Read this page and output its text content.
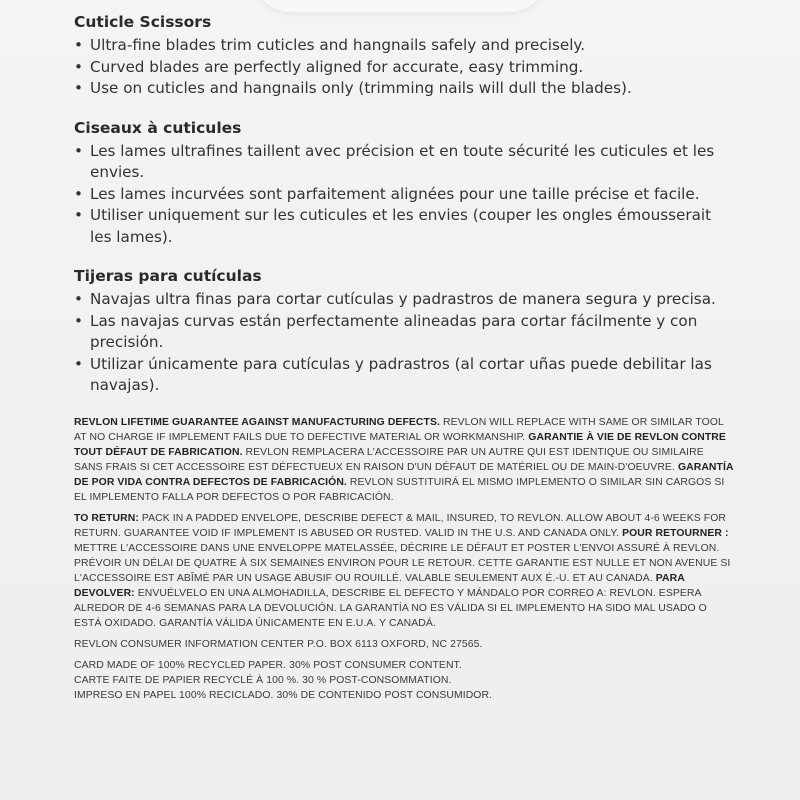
Cuticle Scissors
• Ultra-fine blades trim cuticles and hangnails safely and precisely.
• Curved blades are perfectly aligned for accurate, easy trimming.
• Use on cuticles and hangnails only (trimming nails will dull the blades).
Ciseaux à cuticules
• Les lames ultrafines taillent avec précision et en toute sécurité les cuticules et les envies.
• Les lames incurvées sont parfaitement alignées pour une taille précise et facile.
• Utiliser uniquement sur les cuticules et les envies (couper les ongles émousserait les lames).
Tijeras para cutículas
• Navajas ultra finas para cortar cutículas y padrastros de manera segura y precisa.
• Las navajas curvas están perfectamente alineadas para cortar fácilmente y con precisión.
• Utilizar únicamente para cutículas y padrastros (al cortar uñas puede debilitar las navajas).

REVLON LIFETIME GUARANTEE AGAINST MANUFACTURING DEFECTS. REVLON WILL REPLACE WITH SAME OR SIMILAR TOOL AT NO CHARGE IF IMPLEMENT FAILS DUE TO DEFECTIVE MATERIAL OR WORKMANSHIP. GARANTIE À VIE DE REVLON CONTRE TOUT DÉFAUT DE FABRICATION. REVLON REMPLACERA L'ACCESSOIRE PAR UN AUTRE QUI EST IDENTIQUE OU SIMILAIRE SANS FRAIS SI CET ACCESSOIRE EST DÉFECTUEUX EN RAISON D'UN DÉFAUT DE MATÉRIEL OU DE MAIN-D'OEUVRE. GARANTÍA DE POR VIDA CONTRA DEFECTOS DE FABRICACIÓN. REVLON SUSTITUIRÁ EL MISMO IMPLEMENTO O SIMILAR SIN CARGOS SI EL IMPLEMENTO FALLA POR DEFECTOS O POR FABRICACIÓN.

TO RETURN: PACK IN A PADDED ENVELOPE, DESCRIBE DEFECT & MAIL, INSURED, TO REVLON. ALLOW ABOUT 4-6 WEEKS FOR RETURN. GUARANTEE VOID IF IMPLEMENT IS ABUSED OR RUSTED. VALID IN THE U.S. AND CANADA ONLY. POUR RETOURNER : METTRE L'ACCESSOIRE DANS UNE ENVELOPPE MATELASSÉE, DÉCRIRE LE DÉFAUT ET POSTER L'ENVOI ASSURÉ À REVLON. PRÉVOIR UN DÉLAI DE QUATRE À SIX SEMAINES ENVIRON POUR LE RETOUR. CETTE GARANTIE EST NULLE ET NON AVENUE SI L'ACCESSOIRE EST ABÎMÉ PAR UN USAGE ABUSIF OU ROUILLÉ. VALABLE SEULEMENT AUX É.-U. ET AU CANADA. PARA DEVOLVER: ENVUÉLVELO EN UNA ALMOHADILLA, DESCRIBE EL DEFECTO Y MÁNDALO POR CORREO A: REVLON. ESPERA ALREDOR DE 4-6 SEMANAS PARA LA DEVOLUCIÓN. LA GARANTÍA NO ES VÁLIDA SI EL IMPLEMENTO HA SIDO MAL USADO O ESTÁ OXIDADO. GARANTÍA VÁLIDA ÚNICAMENTE EN E.U.A. Y CANADÁ.

REVLON CONSUMER INFORMATION CENTER P.O. BOX 6113 OXFORD, NC 27565.

CARD MADE OF 100% RECYCLED PAPER. 30% POST CONSUMER CONTENT.
CARTE FAITE DE PAPIER RECYCLÉ À 100 %. 30 % POST-CONSOMMATION.
IMPRESO EN PAPEL 100% RECICLADO. 30% DE CONTENIDO POST CONSUMIDOR.
